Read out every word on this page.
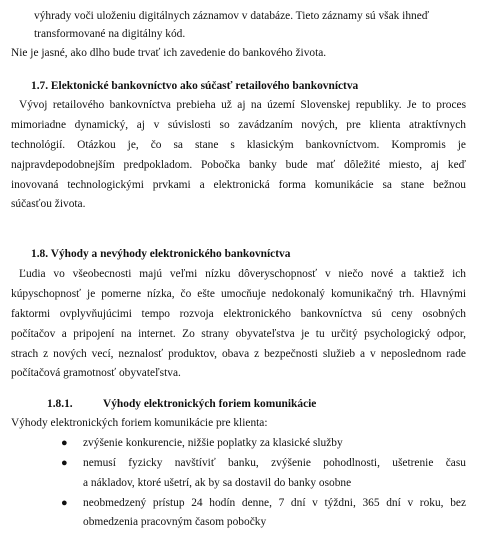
výhrady voči uloženiu digitálnych záznamov v databáze. Tieto záznamy sú však ihneď
transformované na digitálny kód.
Nie je jasné, ako dlho bude trvať ich zavedenie do bankového života.
1.7. Elektonické bankovníctvo ako súčasť retailového bankovníctva
Vývoj retailového bankovníctva prebieha už aj na území Slovenskej republiky. Je to proces
mimoriadne dynamický, aj v súvislosti so zavádzaním nových, pre klienta atraktívnych
technológií. Otázkou je, čo sa stane s klasickým bankovníctvom. Kompromis je
najpravdepodobnejším predpokladom. Pobočka banky bude mať dôležité miesto, aj keď
inovovaná technologickými prvkami a elektronická forma komunikácie sa stane bežnou
súčasťou života.
1.8. Výhody a nevýhody elektronického bankovníctva
Ľudia vo všeobecnosti majú veľmi nízku dôveryschopnosť v niečo nové a taktiež ich
kúpyschopnosť je pomerne nízka, čo ešte umocňuje nedokonalý komunikačný trh. Hlavnými
faktormi ovplyvňujúcimi tempo rozvoja elektronického bankovníctva sú ceny osobných
počítačov a pripojení na internet. Zo strany obyvateľstva je tu určitý psychologický odpor,
strach z nových vecí, neznalosť produktov, obava z bezpečnosti služieb a v neposlednom rade
počítačová gramotnosť obyvateľstva.
1.8.1.	Výhody elektronických foriem komunikácie
Výhody elektronických foriem komunikácie pre klienta:
● zvýšenie konkurencie, nižšie poplatky za klasické služby
● nemusí fyzicky navštíviť banku, zvýšenie pohodlnosti, ušetrenie času
a nákladov, ktoré ušetrí, ak by sa dostavil do banky osobne
● neobmedzený prístup 24 hodín denne, 7 dní v týždni, 365 dní v roku, bez
obmedzenia pracovným časom pobočky
